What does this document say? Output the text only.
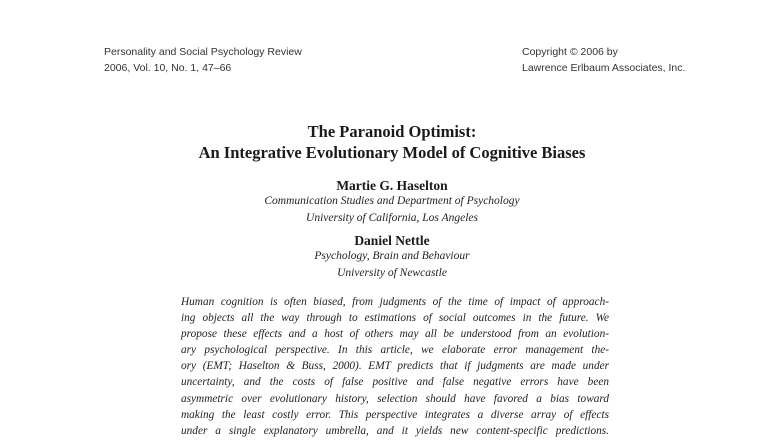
Personality and Social Psychology Review
2006, Vol. 10, No. 1, 47–66
Copyright © 2006 by
Lawrence Erlbaum Associates, Inc.
The Paranoid Optimist:
An Integrative Evolutionary Model of Cognitive Biases
Martie G. Haselton
Communication Studies and Department of Psychology
University of California, Los Angeles
Daniel Nettle
Psychology, Brain and Behaviour
University of Newcastle
Human cognition is often biased, from judgments of the time of impact of approach-
ing objects all the way through to estimations of social outcomes in the future. We
propose these effects and a host of others may all be understood from an evolution-
ary psychological perspective. In this article, we elaborate error management the-
ory (EMT; Haselton & Buss, 2000). EMT predicts that if judgments are made under
uncertainty, and the costs of false positive and false negative errors have been
asymmetric over evolutionary history, selection should have favored a bias toward
making the least costly error. This perspective integrates a diverse array of effects
under a single explanatory umbrella, and it yields new content-specific predictions.
